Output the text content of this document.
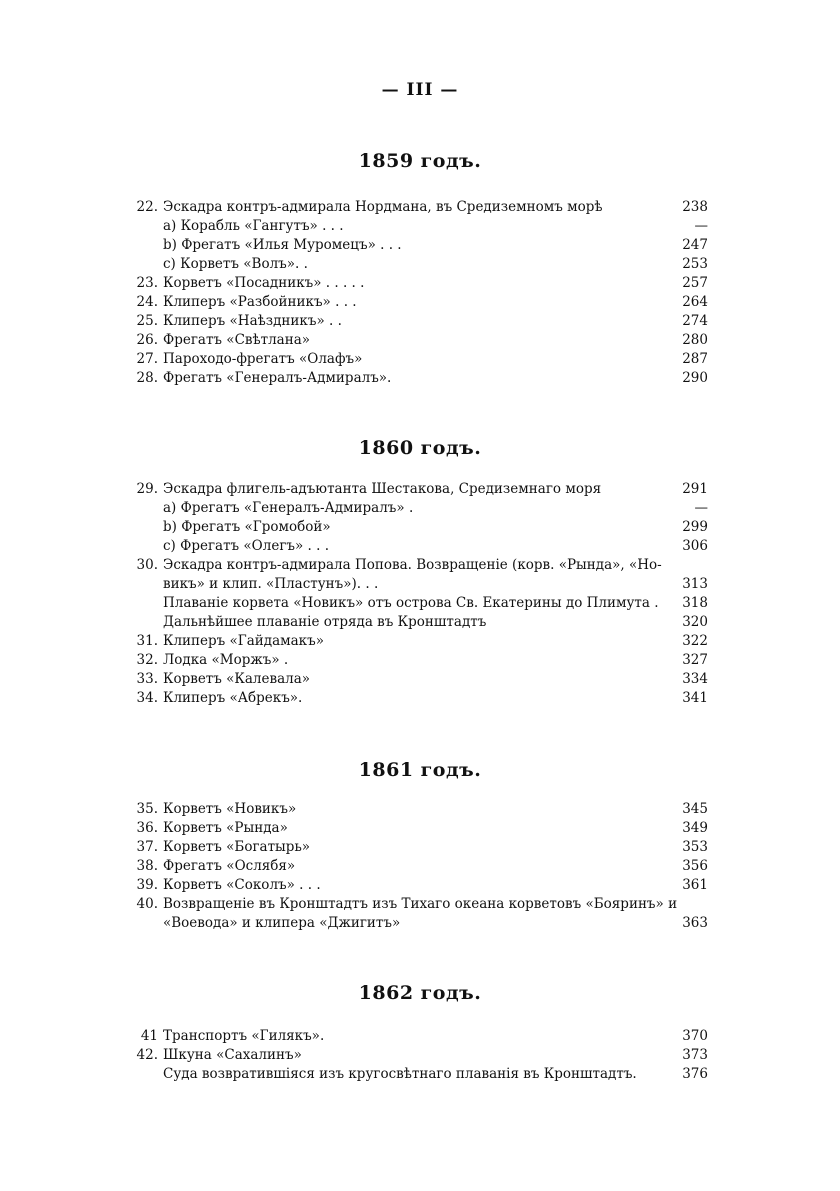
— III —
1859 годъ.
22. Эскадра контръ-адмирала Нордмана, въ Средиземномъ морѣ	238
а) Корабль «Гангутъ» . . .	—
b) Фрегатъ «Илья Муромецъ» . . .	247
с) Корветъ «Волъ». .	253
23. Корветъ «Посадникъ» . . . . .	257
24. Клиперъ «Разбойникъ» . . .	264
25. Клиперъ «Наѣздникъ» . .	274
26. Фрегатъ «Свѣтлана»	280
27. Пароходо-фрегатъ «Олафъ»	287
28. Фрегатъ «Генералъ-Адмиралъ».	290
1860 годъ.
29. Эскадра флигель-адъютанта Шестакова, Средиземнаго моря	291
а) Фрегатъ «Генералъ-Адмиралъ» .	—
b) Фрегатъ «Громобой»	299
с) Фрегатъ «Олегъ» . . .	306
30. Эскадра контръ-адмирала Попова. Возвращеніе (корв. «Рында», «Но-
викъ» и клип. «Пластунъ»). . .	313
Плаваніе корвета «Новикъ» отъ острова Св. Екатерины до Плимута .	318
Дальнѣйшее плаваніе отряда въ Кронштадтъ	320
31. Клиперъ «Гайдамакъ»	322
32. Лодка «Моржъ» .	327
33. Корветъ «Калевала»	334
34. Клиперъ «Абрекъ».	341
1861 годъ.
35. Корветъ «Новикъ»	345
36. Корветъ «Рында»	349
37. Корветъ «Богатырь»	353
38. Фрегатъ «Ослябя»	356
39. Корветъ «Соколъ» . . .	361
40. Возвращеніе въ Кронштадтъ изъ Тихаго океана корветовъ «Бояринъ» и
«Воевода» и клипера «Джигитъ»	363
1862 годъ.
41 Транспортъ «Гилякъ».	370
42. Шкуна «Сахалинъ»	373
Суда возвратившіяся изъ кругосвѣтнаго плаванія въ Кронштадтъ.	376
